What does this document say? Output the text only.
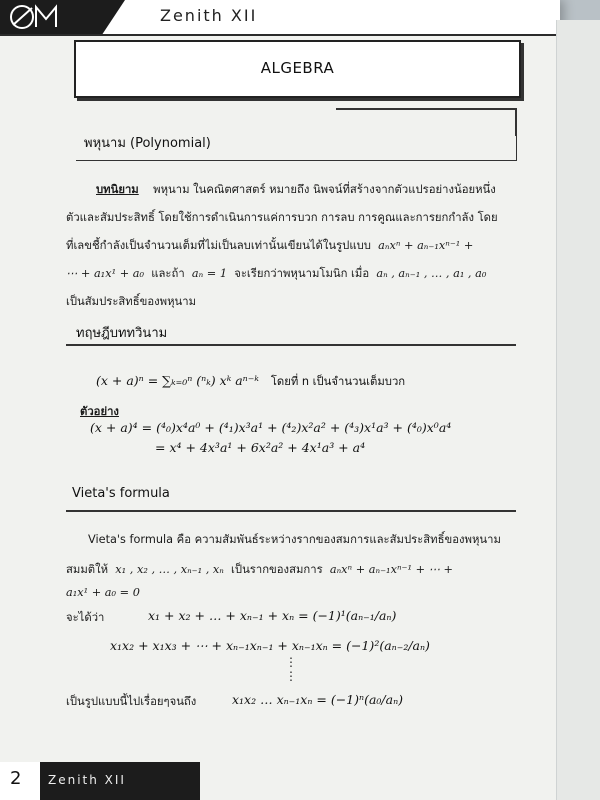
Zenith XII
ALGEBRA
พหุนาม (Polynomial)
บทนิยาม พหุนาม ในคณิตศาสตร์ หมายถึง นิพจน์ที่สร้างจากตัวแปรอย่างน้อยหนึ่ง
ตัวและสัมประสิทธิ์ โดยใช้การดำเนินการแค่การบวก การลบ การคูณและการยกกำลัง โดย
ที่เลขชี้กำลังเป็นจำนวนเต็มที่ไม่เป็นลบเท่านั้นเขียนได้ในรูปแบบ aₙxⁿ + aₙ₋₁xⁿ⁻¹ +
⋯ + a₁x¹ + a₀ และถ้า aₙ = 1 จะเรียกว่าพหุนามโมนิก เมื่อ aₙ , aₙ₋₁ , … , a₁ , a₀
เป็นสัมประสิทธิ์ของพหุนาม
ทฤษฎีบททวินาม
(x + a)ⁿ = ∑ₖ₌₀ⁿ (ⁿₖ) xᵏ aⁿ⁻ᵏ โดยที่ n เป็นจำนวนเต็มบวก
ตัวอย่าง
(x + a)⁴ = (⁴₀)x⁴a⁰ + (⁴₁)x³a¹ + (⁴₂)x²a² + (⁴₃)x¹a³ + (⁴₀)x⁰a⁴
= x⁴ + 4x³a¹ + 6x²a² + 4x¹a³ + a⁴
Vieta's formula
Vieta's formula คือ ความสัมพันธ์ระหว่างรากของสมการและสัมประสิทธิ์ของพหุนาม
สมมติให้ x₁ , x₂ , … , xₙ₋₁ , xₙ เป็นรากของสมการ aₙxⁿ + aₙ₋₁xⁿ⁻¹ + ⋯ +
a₁x¹ + a₀ = 0
จะได้ว่า	x₁ + x₂ + … + xₙ₋₁ + xₙ = (−1)¹(aₙ₋₁/aₙ)
x₁x₂ + x₁x₃ + ⋯ + xₙ₋₁xₙ₋₁ + xₙ₋₁xₙ = (−1)²(aₙ₋₂/aₙ)
⋮
⋮
เป็นรูปแบบนี้ไปเรื่อยๆจนถึง	x₁x₂ … xₙ₋₁xₙ = (−1)ⁿ(a₀/aₙ)
2 Zenith XII
